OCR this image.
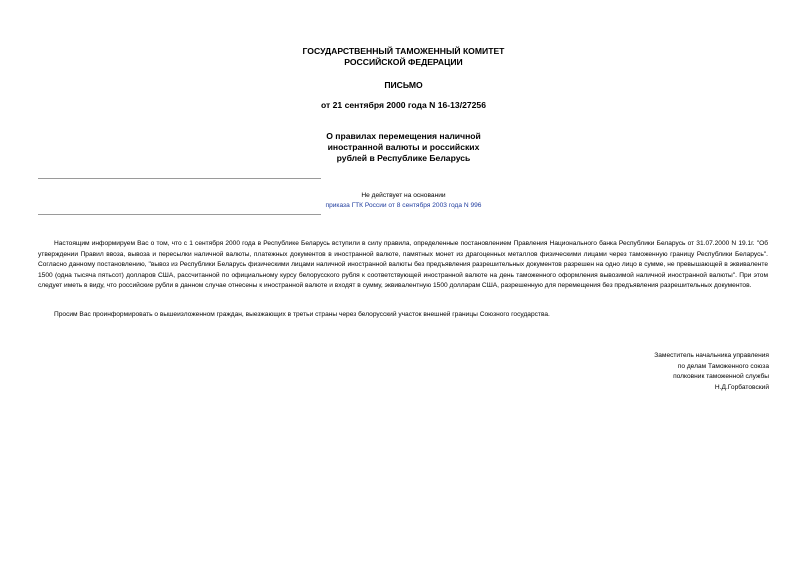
ГОСУДАРСТВЕННЫЙ ТАМОЖЕННЫЙ КОМИТЕТ
РОССИЙСКОЙ ФЕДЕРАЦИИ
ПИСЬМО
от 21 сентября 2000 года N 16-13/27256
О правилах перемещения наличной
иностранной валюты и российских
рублей в Республике Беларусь
Не действует на основании
приказа ГТК России от 8 сентября 2003 года N 996
Настоящим информируем Вас о том, что с 1 сентября 2000 года в Республике Беларусь вступили в силу правила, определенные постановлением Правления Национального банка Республики Беларусь от 31.07.2000 N 19.1г. "Об утверждении Правил ввоза, вывоза и пересылки наличной валюты, платежных документов в иностранной валюте, памятных монет из драгоценных металлов физическими лицами через таможенную границу Республики Беларусь". Согласно данному постановлению, "вывоз из Республики Беларусь физическими лицами наличной иностранной валюты без предъявления разрешительных документов разрешен на одно лицо в сумме, не превышающей в эквиваленте 1500 (одна тысяча пятьсот) долларов США, рассчитанной по официальному курсу белорусского рубля к соответствующей иностранной валюте на день таможенного оформления вывозимой наличной иностранной валюты". При этом следует иметь в виду, что российские рубли в данном случае отнесены к иностранной валюте и входят в сумму, эквивалентную 1500 долларам США, разрешенную для перемещения без предъявления разрешительных документов.
Просим Вас проинформировать о вышеизложенном граждан, выезжающих в третьи страны через белорусский участок внешней границы Союзного государства.
Заместитель начальника управления
по делам Таможенного союза
полковник таможенной службы
Н.Д.Горбатовский
